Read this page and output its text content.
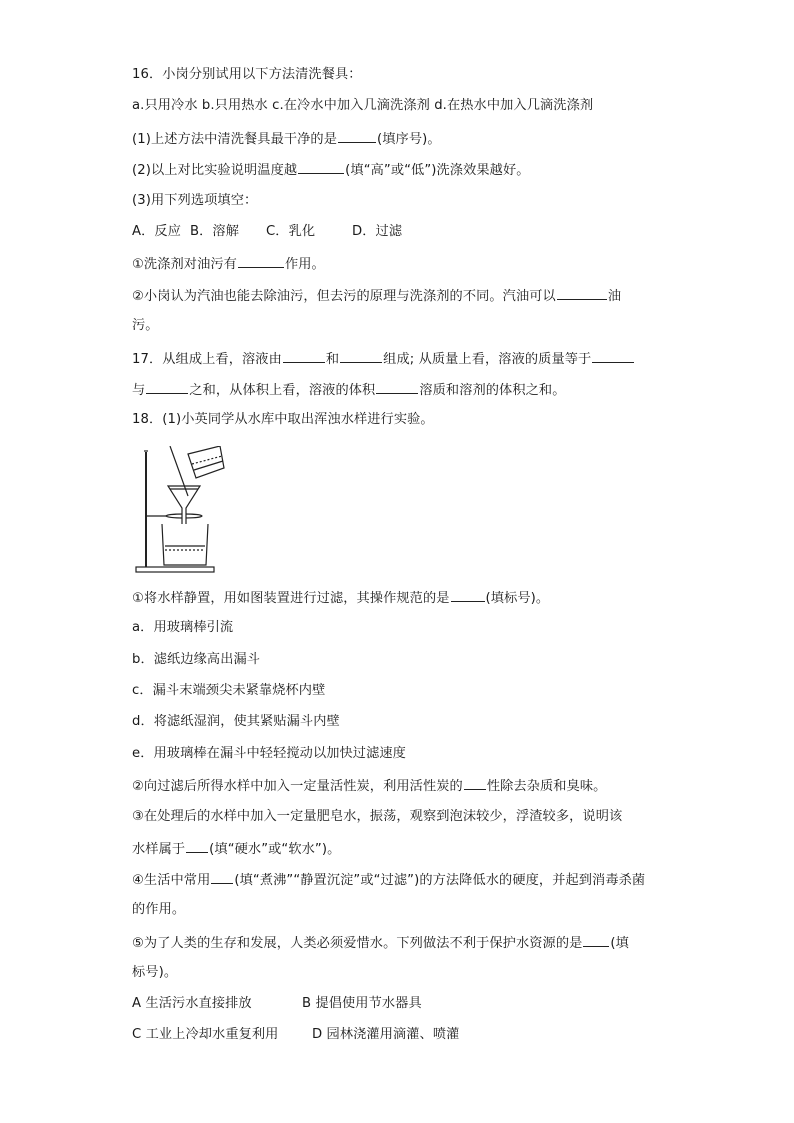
16．小岗分别试用以下方法清洗餐具：
a.只用冷水 b.只用热水 c.在冷水中加入几滴洗涤剂 d.在热水中加入几滴洗涤剂
(1)上述方法中清洗餐具最干净的是	(填序号)。
(2)以上对比实验说明温度越	(填“高”或“低”)洗涤效果越好。
(3)用下列选项填空：
A．反应 B．溶解 C．乳化	D．过滤
①洗涤剂对油污有	作用。
②小岗认为汽油也能去除油污，但去污的原理与洗涤剂的不同。汽油可以	油
污。
17．从组成上看，溶液由	和	组成; 从质量上看，溶液的质量等于
与	之和，从体积上看，溶液的体积	溶质和溶剂的体积之和。
18．(1)小英同学从水库中取出浑浊水样进行实验。
①将水样静置，用如图装置进行过滤，其操作规范的是	(填标号)。
a．用玻璃棒引流
b．滤纸边缘高出漏斗
c．漏斗末端颈尖未紧靠烧杯内壁
d．将滤纸湿润，使其紧贴漏斗内壁
e．用玻璃棒在漏斗中轻轻搅动以加快过滤速度
②向过滤后所得水样中加入一定量活性炭，利用活性炭的 性除去杂质和臭味。
③在处理后的水样中加入一定量肥皂水，振荡，观察到泡沫较少，浮渣较多，说明该
水样属于 (填“硬水”或“软水”)。
④生活中常用 (填“煮沸”“静置沉淀”或“过滤”)的方法降低水的硬度，并起到消毒杀菌
的作用。
⑤为了人类的生存和发展，人类必须爱惜水。下列做法不利于保护水资源的是 (填
标号)。
A 生活污水直接排放	B 提倡使用节水器具
C 工业上冷却水重复利用	D 园林浇灌用滴灌、喷灌
